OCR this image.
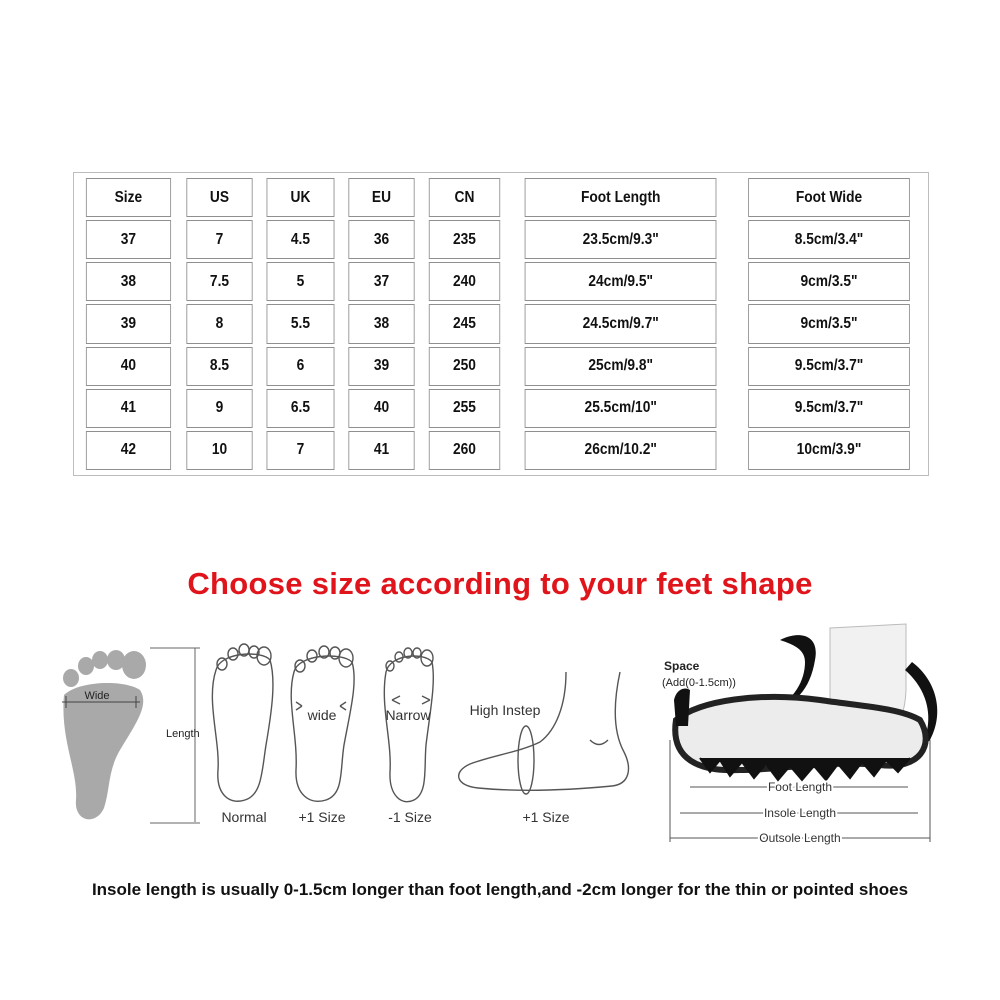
Size	US	UK	EU	CN	Foot Length	Foot Wide
37	7	4.5	36	235	23.5cm/9.3"	8.5cm/3.4"
38	7.5	5	37	240	24cm/9.5"	9cm/3.5"
39	8	5.5	38	245	24.5cm/9.7"	9cm/3.5"
40	8.5	6	39	250	25cm/9.8"	9.5cm/3.7"
41	9	6.5	40	255	25.5cm/10"	9.5cm/3.7"
42	10	7	41	260	26cm/10.2"	10cm/3.9"
Choose size according to your feet shape
Wide
Length
Normal
wide
+1 Size
Narrow
-1 Size
High Instep
+1 Size
Space
(Add(0-1.5cm))
Foot Length
Insole Length
Outsole Length
Insole length is usually 0-1.5cm longer than foot length,and -2cm longer for the thin or pointed shoes
